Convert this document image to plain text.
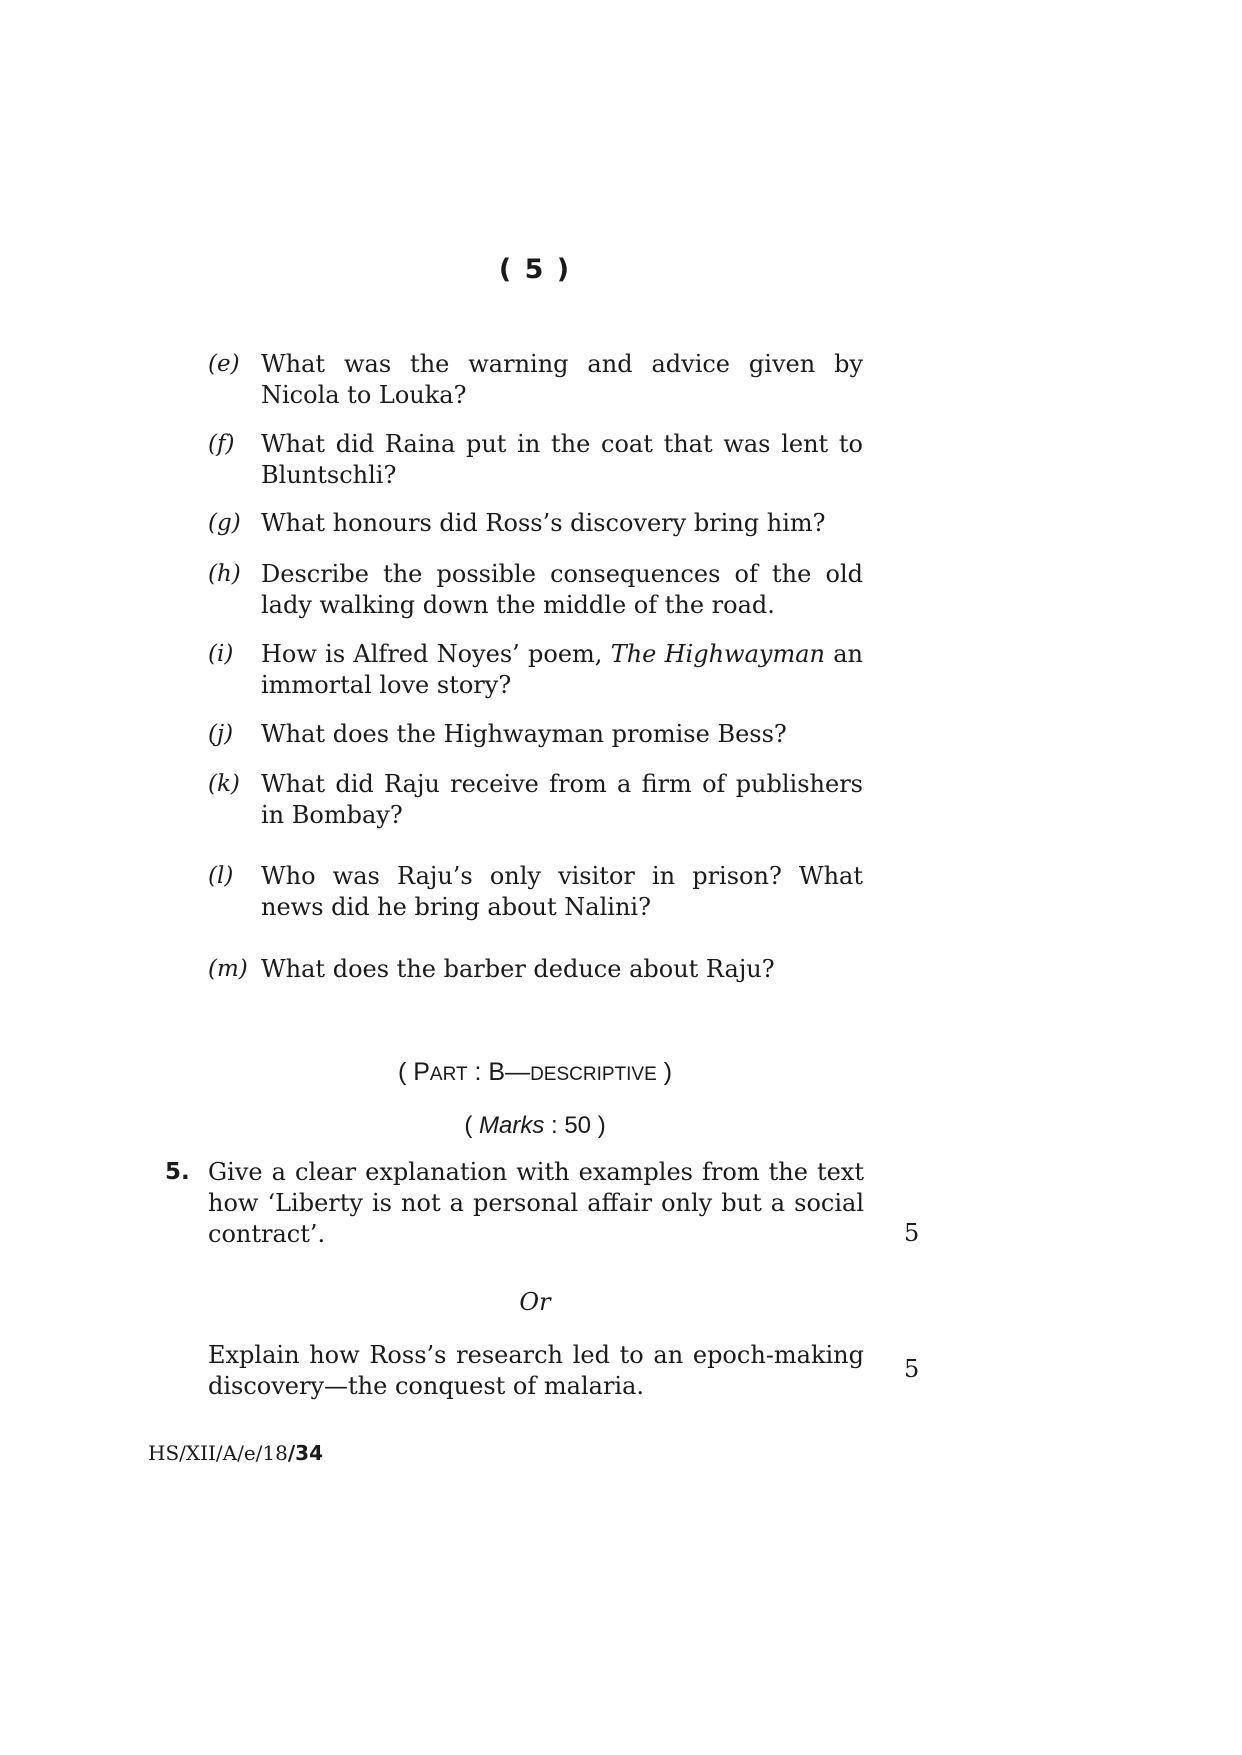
( 5 )
(e) What was the warning and advice given by Nicola to Louka?
(f) What did Raina put in the coat that was lent to Bluntschli?
(g) What honours did Ross’s discovery bring him?
(h) Describe the possible consequences of the old lady walking down the middle of the road.
(i) How is Alfred Noyes’ poem, The Highwayman an immortal love story?
(j) What does the Highwayman promise Bess?
(k) What did Raju receive from a firm of publishers in Bombay?
(l) Who was Raju’s only visitor in prison? What news did he bring about Nalini?
(m) What does the barber deduce about Raju?
( PART : B—DESCRIPTIVE )
( Marks : 50 )
5. Give a clear explanation with examples from the text how ‘Liberty is not a personal affair only but a social contract’.	5
Or
Explain how Ross’s research led to an epoch-making discovery—the conquest of malaria.
5
HS/XII/A/e/18/34
